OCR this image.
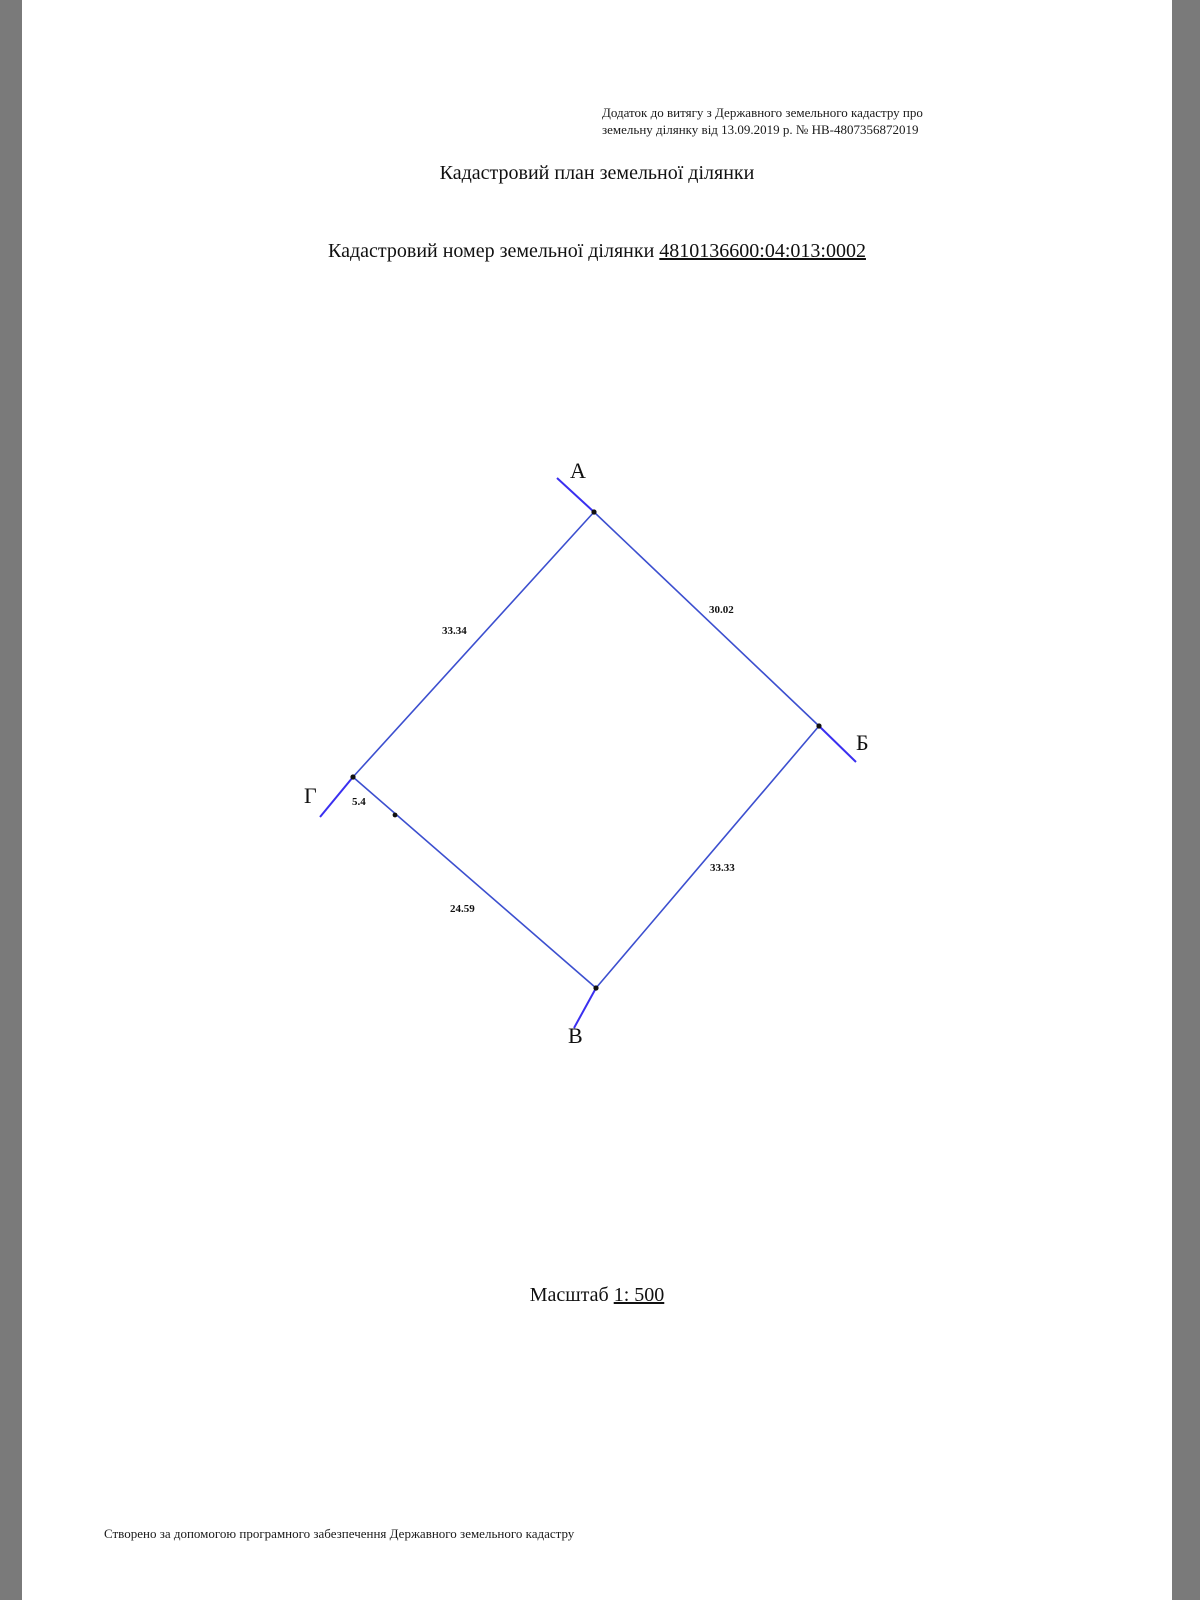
Додаток до витягу з Державного земельного кадастру про
земельну ділянку від 13.09.2019 р. № НВ-4807356872019
Кадастровий план земельної ділянки
Кадастровий номер земельної ділянки 4810136600:04:013:0002
А
Б
В
Г
30.02
33.33
24.59
5.4
33.34
Масштаб 1: 500
Створено за допомогою програмного забезпечення Державного земельного кадастру
